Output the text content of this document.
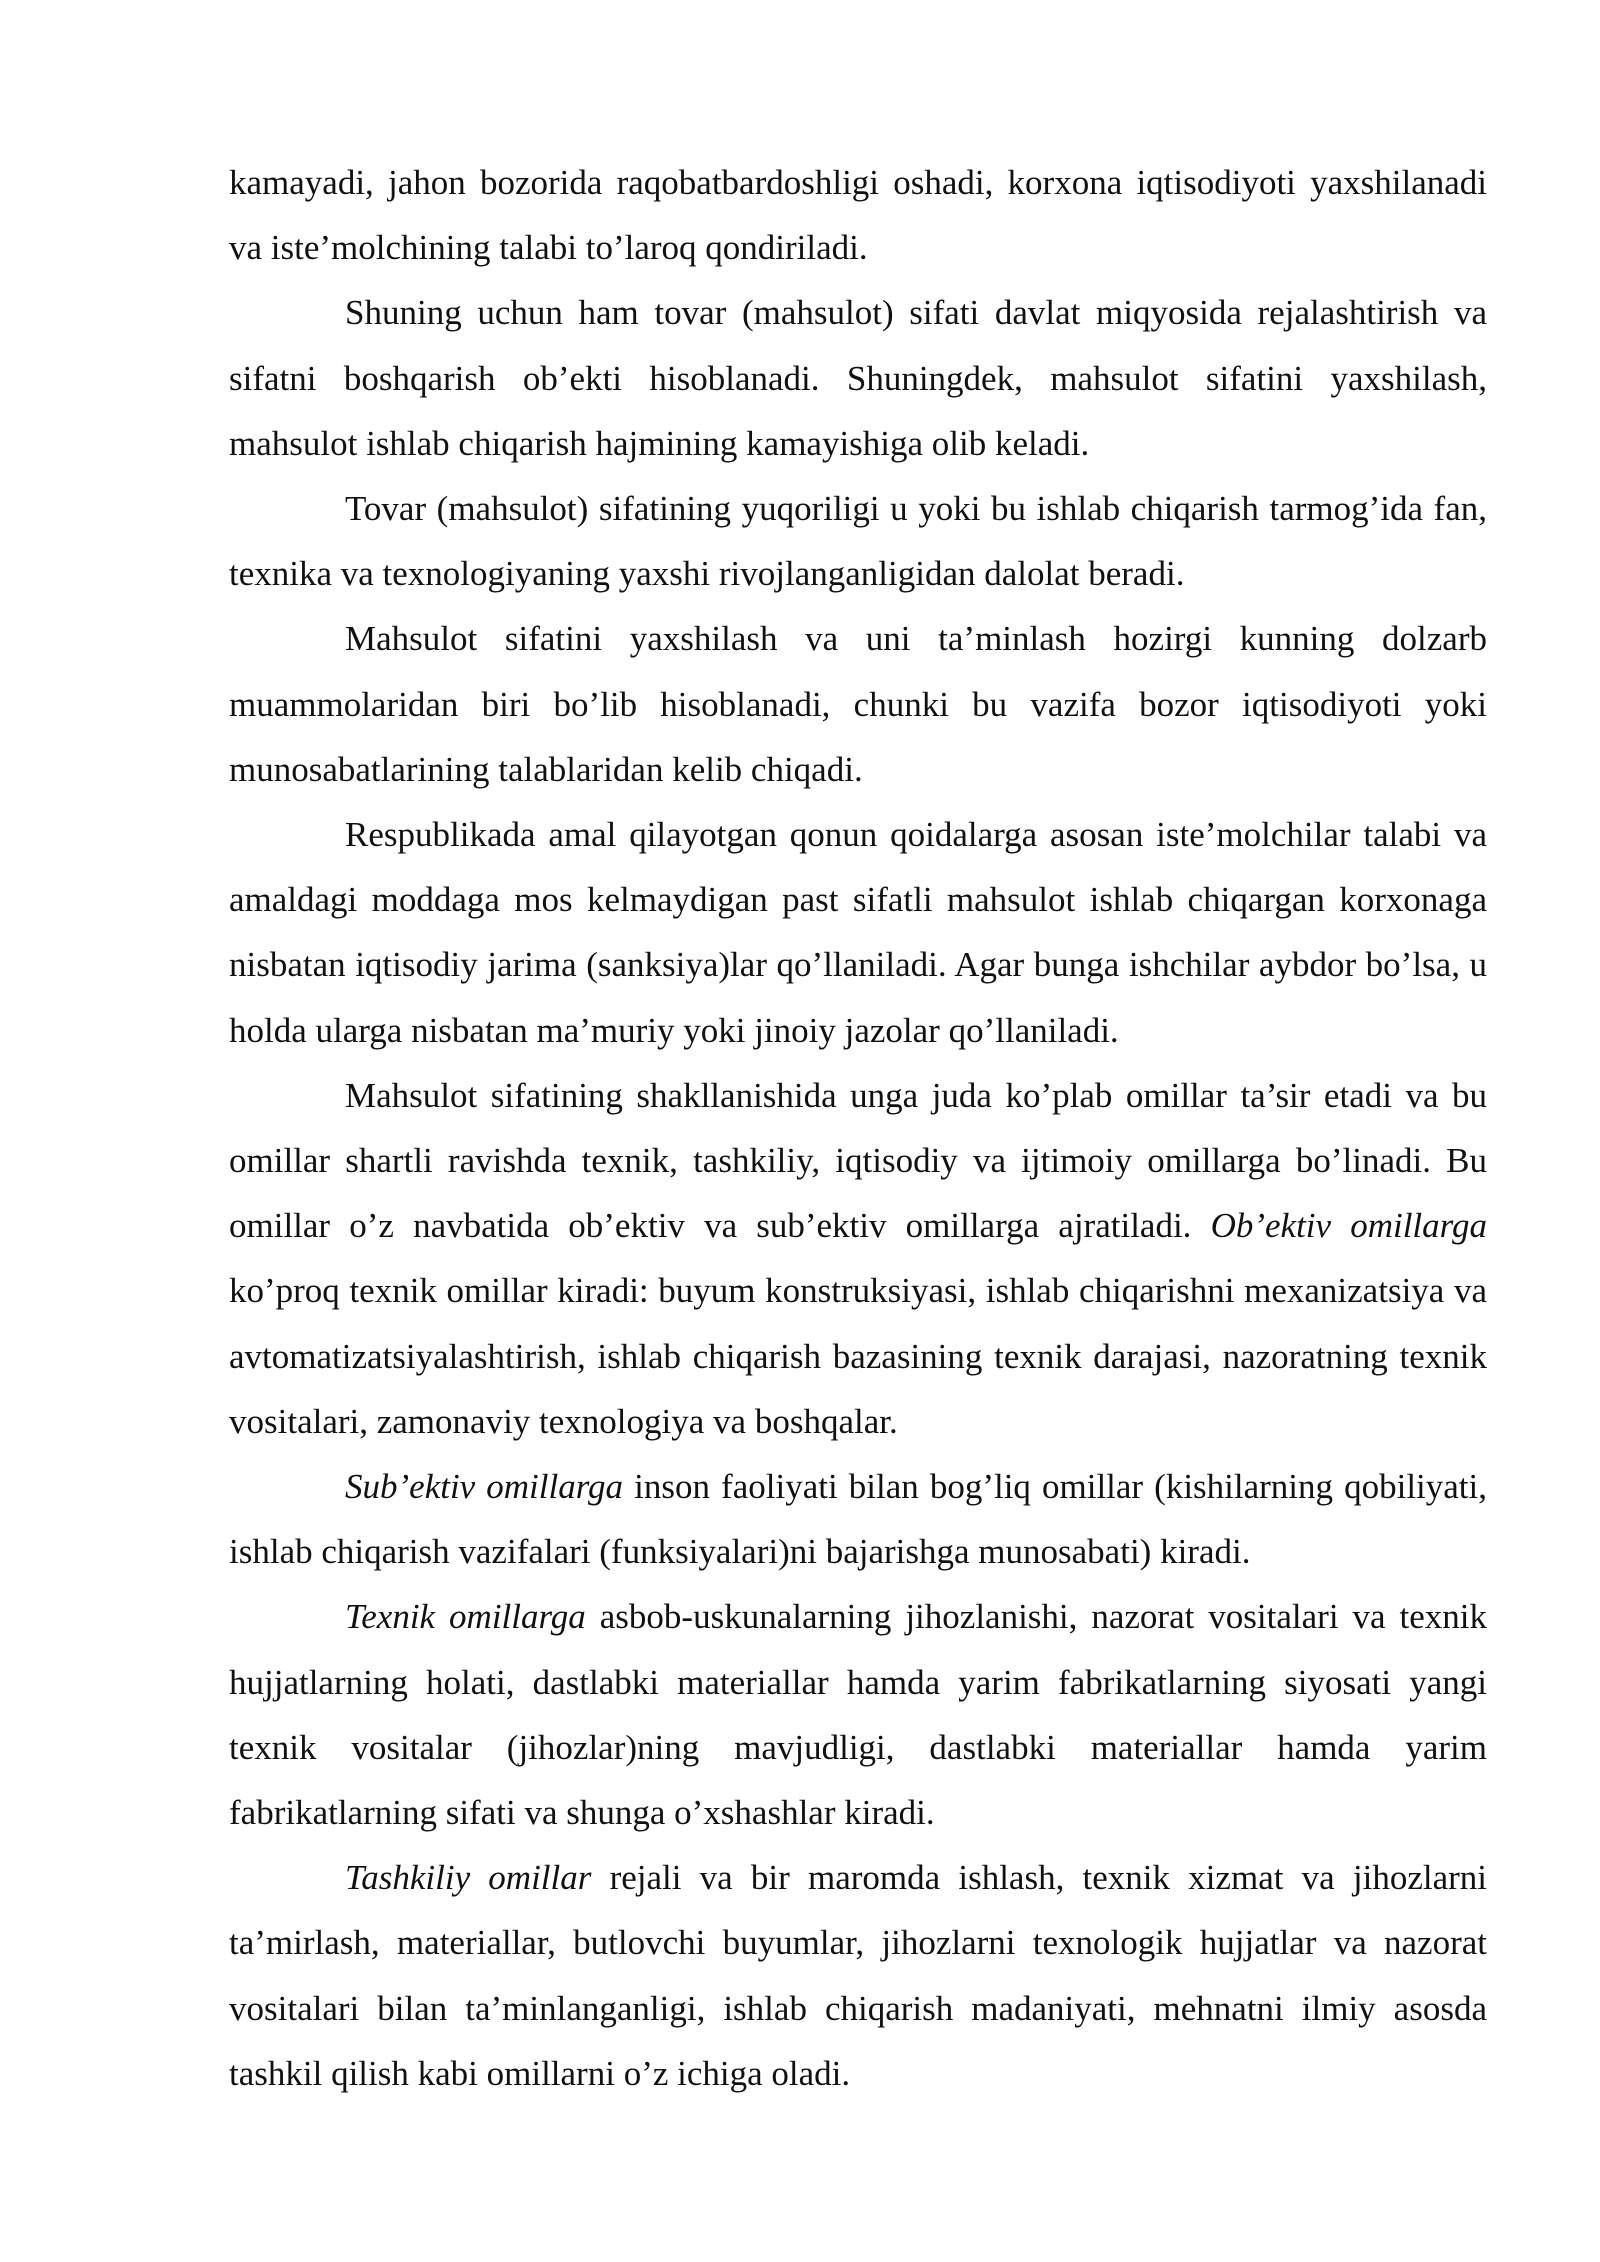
kamayadi, jahon bozorida raqobatbardoshligi oshadi, korxona iqtisodiyoti yaxshilanadi va iste’molchining talabi to’laroq qondiriladi.

Shuning uchun ham tovar (mahsulot) sifati davlat miqyosida rejalashtirish va sifatni boshqarish ob’ekti hisoblanadi. Shuningdek, mahsulot sifatini yaxshilash, mahsulot ishlab chiqarish hajmining kamayishiga olib keladi.

Tovar (mahsulot) sifatining yuqoriligi u yoki bu ishlab chiqarish tarmog’ida fan, texnika va texnologiyaning yaxshi rivojlanganligidan dalolat beradi.

Mahsulot sifatini yaxshilash va uni ta’minlash hozirgi kunning dolzarb muammolaridan biri bo’lib hisoblanadi, chunki bu vazifa bozor iqtisodiyoti yoki munosabatlarining talablaridan kelib chiqadi.

Respublikada amal qilayotgan qonun qoidalarga asosan iste’molchilar talabi va amaldagi moddaga mos kelmaydigan past sifatli mahsulot ishlab chiqargan korxonaga nisbatan iqtisodiy jarima (sanksiya)lar qo’llaniladi. Agar bunga ishchilar aybdor bo’lsa, u holda ularga nisbatan ma’muriy yoki jinoiy jazolar qo’llaniladi.

Mahsulot sifatining shakllanishida unga juda ko’plab omillar ta’sir etadi va bu omillar shartli ravishda texnik, tashkiliy, iqtisodiy va ijtimoiy omillarga bo’linadi. Bu omillar o’z navbatida ob’ektiv va sub’ektiv omillarga ajratiladi. Ob’ektiv omillarga ko’proq texnik omillar kiradi: buyum konstruksiyasi, ishlab chiqarishni mexanizatsiya va avtomatizatsiyalashtirish, ishlab chiqarish bazasining texnik darajasi, nazoratning texnik vositalari, zamonaviy texnologiya va boshqalar.

Sub’ektiv omillarga inson faoliyati bilan bog’liq omillar (kishilarning qobiliyati, ishlab chiqarish vazifalari (funksiyalari)ni bajarishga munosabati) kiradi.

Texnik omillarga asbob-uskunalarning jihozlanishi, nazorat vositalari va texnik hujjatlarning holati, dastlabki materiallar hamda yarim fabrikatlarning siyosati yangi texnik vositalar (jihozlar)ning mavjudligi, dastlabki materiallar hamda yarim fabrikatlarning sifati va shunga o’xshashlar kiradi.

Tashkiliy omillar rejali va bir maromda ishlash, texnik xizmat va jihozlarni ta’mirlash, materiallar, butlovchi buyumlar, jihozlarni texnologik hujjatlar va nazorat vositalari bilan ta’minlanganligi, ishlab chiqarish madaniyati, mehnatni ilmiy asosda tashkil qilish kabi omillarni o’z ichiga oladi.
